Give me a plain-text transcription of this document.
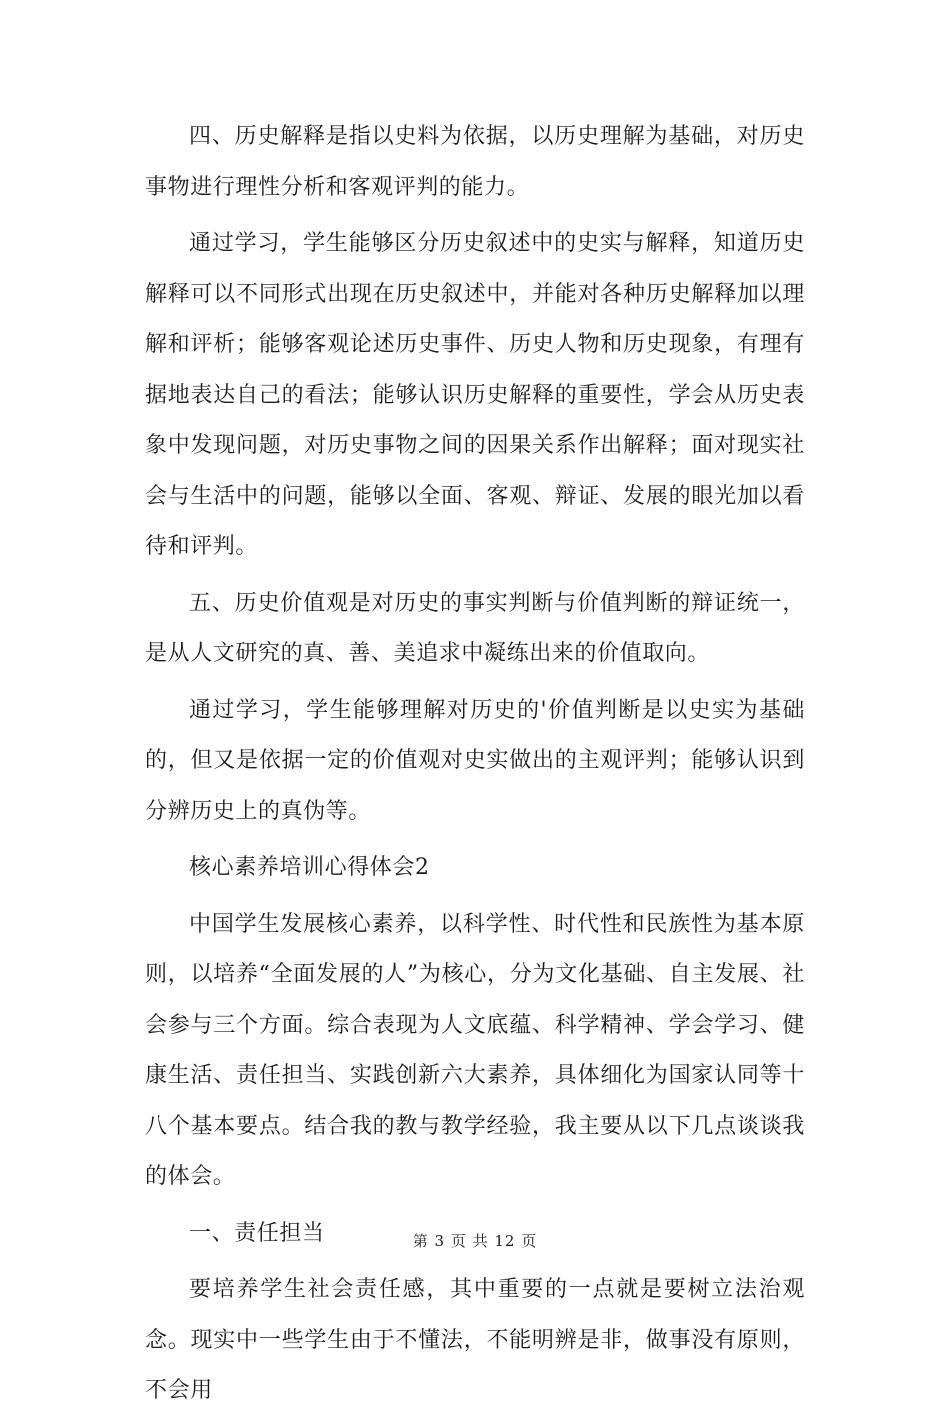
四、历史解释是指以史料为依据，以历史理解为基础，对历史事物进行理性分析和客观评判的能力。

通过学习，学生能够区分历史叙述中的史实与解释，知道历史解释可以不同形式出现在历史叙述中，并能对各种历史解释加以理解和评析；能够客观论述历史事件、历史人物和历史现象，有理有据地表达自己的看法；能够认识历史解释的重要性，学会从历史表象中发现问题，对历史事物之间的因果关系作出解释；面对现实社会与生活中的问题，能够以全面、客观、辩证、发展的眼光加以看待和评判。

五、历史价值观是对历史的事实判断与价值判断的辩证统一，是从人文研究的真、善、美追求中凝练出来的价值取向。

通过学习，学生能够理解对历史的'价值判断是以史实为基础的，但又是依据一定的价值观对史实做出的主观评判；能够认识到分辨历史上的真伪等。

核心素养培训心得体会2

中国学生发展核心素养，以科学性、时代性和民族性为基本原则，以培养“全面发展的人”为核心，分为文化基础、自主发展、社会参与三个方面。综合表现为人文底蕴、科学精神、学会学习、健康生活、责任担当、实践创新六大素养，具体细化为国家认同等十八个基本要点。结合我的教与教学经验，我主要从以下几点谈谈我的体会。

一、责任担当

要培养学生社会责任感，其中重要的一点就是要树立法治观念。现实中一些学生由于不懂法，不能明辨是非，做事没有原则，不会用

第 3 页 共 12 页
